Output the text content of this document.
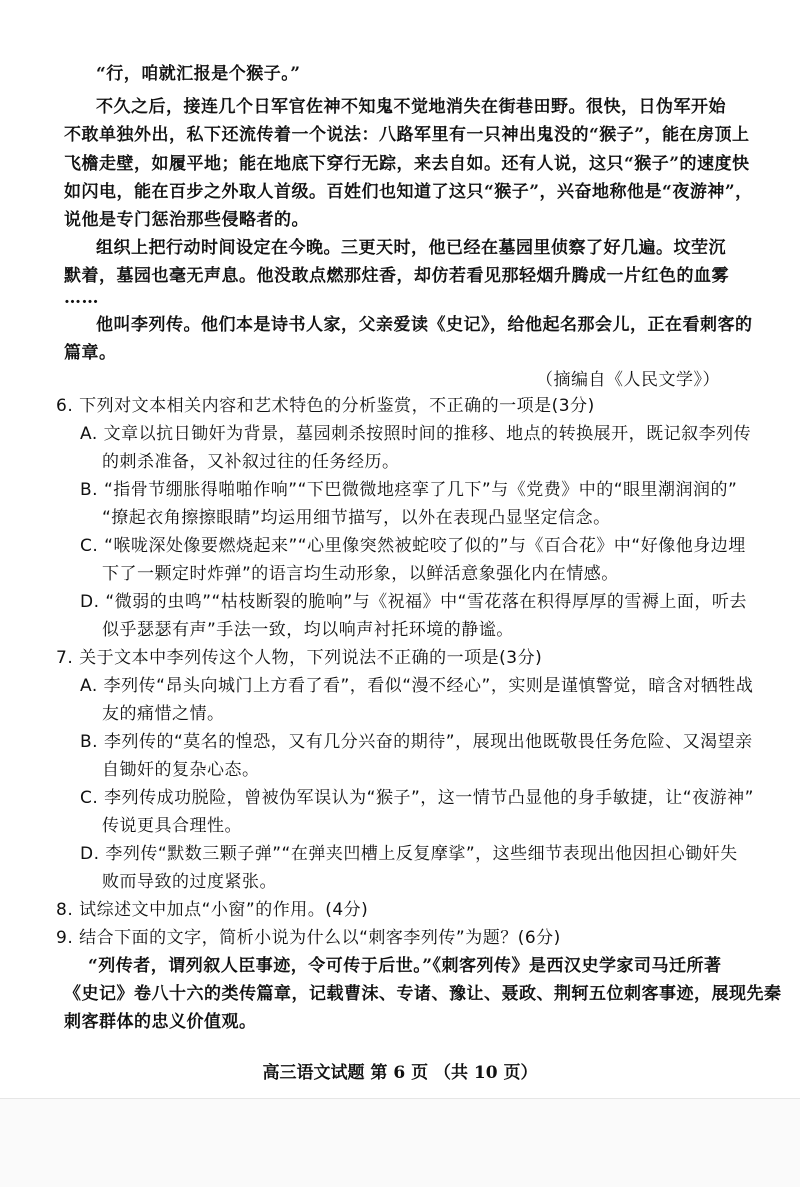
“行，咱就汇报是个猴子。”
不久之后，接连几个日军官佐神不知鬼不觉地消失在街巷田野。很快，日伪军开始
不敢单独外出，私下还流传着一个说法：八路军里有一只神出鬼没的“猴子”，能在房顶上
飞檐走壁，如履平地；能在地底下穿行无踪，来去自如。还有人说，这只“猴子”的速度快
如闪电，能在百步之外取人首级。百姓们也知道了这只“猴子”，兴奋地称他是“夜游神”，
说他是专门惩治那些侵略者的。
组织上把行动时间设定在今晚。三更天时，他已经在墓园里侦察了好几遍。坟茔沉
默着，墓园也毫无声息。他没敢点燃那炷香，却仿若看见那轻烟升腾成一片红色的血雾
……
他叫李列传。他们本是诗书人家，父亲爱读《史记》，给他起名那会儿，正在看刺客的
篇章。
（摘编自《人民文学》）
6. 下列对文本相关内容和艺术特色的分析鉴赏，不正确的一项是(3分)
A. 文章以抗日锄奸为背景，墓园刺杀按照时间的推移、地点的转换展开，既记叙李列传
的刺杀准备，又补叙过往的任务经历。
B. “指骨节绷胀得啪啪作响”“下巴微微地痉挛了几下”与《党费》中的“眼里潮润润的”
“撩起衣角擦擦眼睛”均运用细节描写，以外在表现凸显坚定信念。
C. “喉咙深处像要燃烧起来”“心里像突然被蛇咬了似的”与《百合花》中“好像他身边埋
下了一颗定时炸弹”的语言均生动形象，以鲜活意象强化内在情感。
D. “微弱的虫鸣”“枯枝断裂的脆响”与《祝福》中“雪花落在积得厚厚的雪褥上面，听去
似乎瑟瑟有声”手法一致，均以响声衬托环境的静谧。
7. 关于文本中李列传这个人物，下列说法不正确的一项是(3分)
A. 李列传“昂头向城门上方看了看”，看似“漫不经心”，实则是谨慎警觉，暗含对牺牲战
友的痛惜之情。
B. 李列传的“莫名的惶恐，又有几分兴奋的期待”，展现出他既敬畏任务危险、又渴望亲
自锄奸的复杂心态。
C. 李列传成功脱险，曾被伪军误认为“猴子”，这一情节凸显他的身手敏捷，让“夜游神”
传说更具合理性。
D. 李列传“默数三颗子弹”“在弹夹凹槽上反复摩挲”，这些细节表现出他因担心锄奸失
败而导致的过度紧张。
8. 试综述文中加点“小窗”的作用。(4分)
9. 结合下面的文字，简析小说为什么以“刺客李列传”为题？(6分)
“列传者，谓列叙人臣事迹，令可传于后世。”《刺客列传》是西汉史学家司马迁所著
《史记》卷八十六的类传篇章，记载曹沫、专诸、豫让、聂政、荆轲五位刺客事迹，展现先秦
刺客群体的忠义价值观。
高三语文试题 第 6 页 （共 10 页）
